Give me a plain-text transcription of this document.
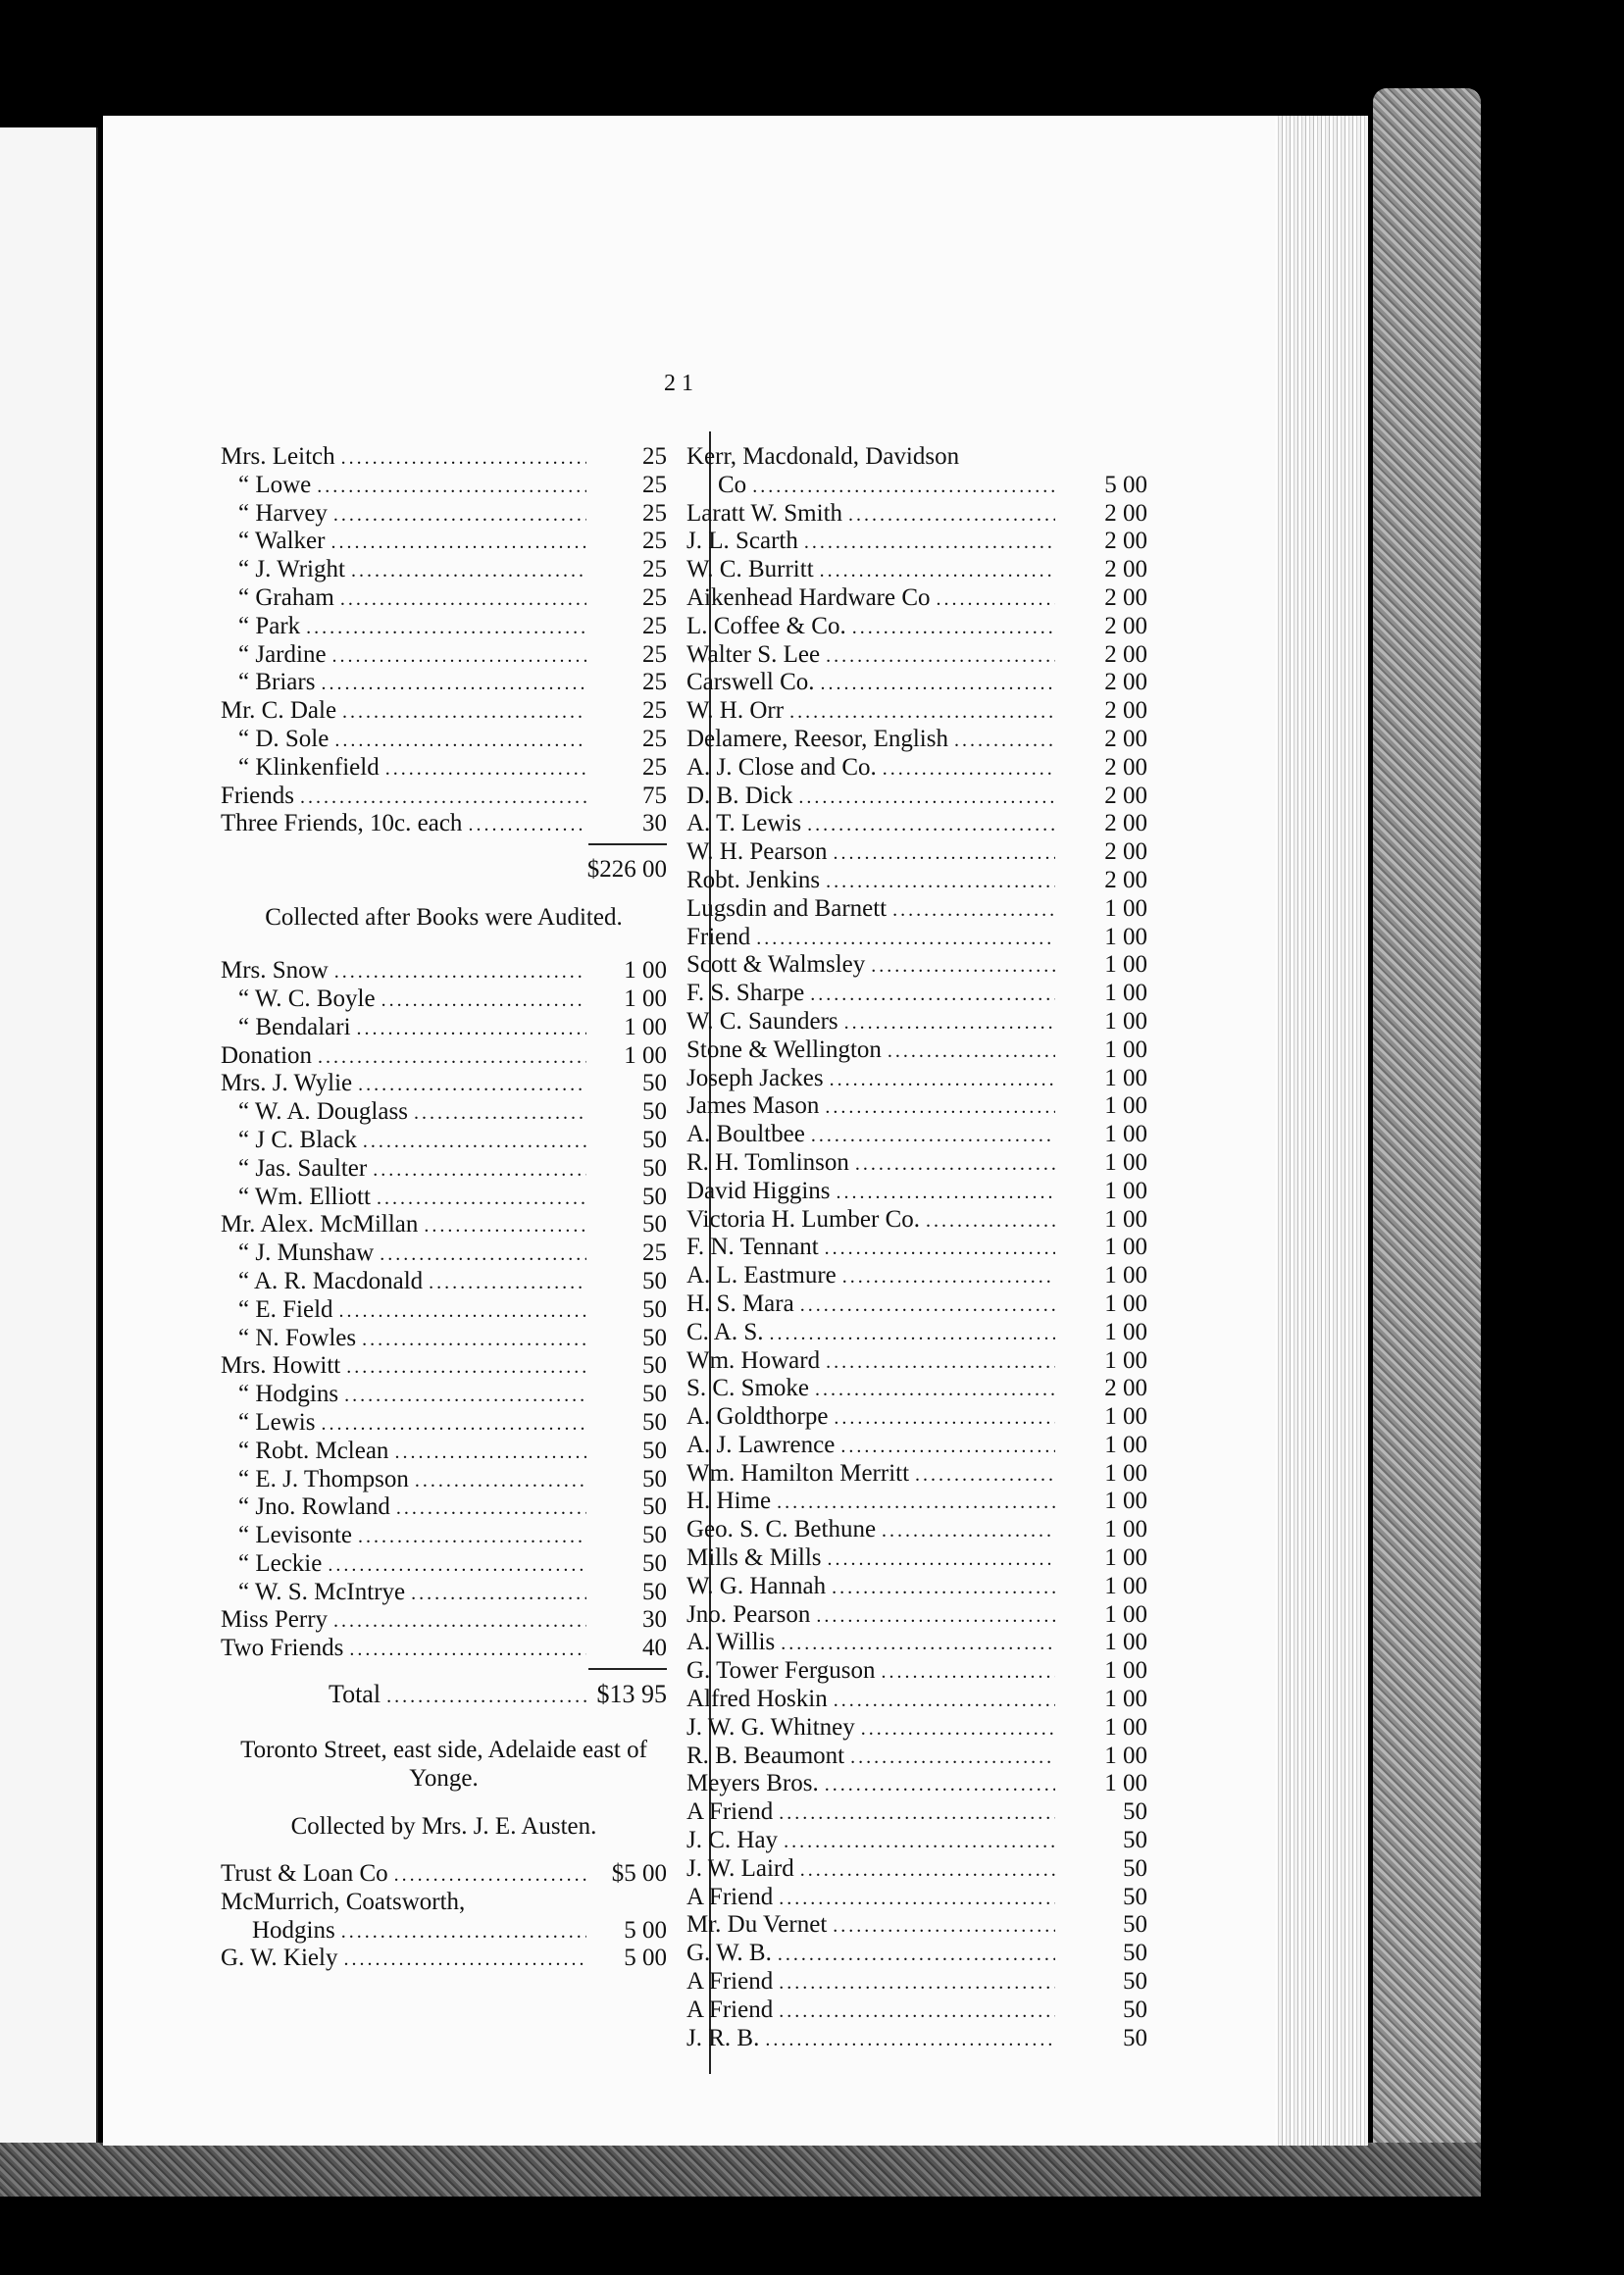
21
Mrs. Leitch . . .	25
“ Lowe . . .	25
“ Harvey . . .	25
“ Walker . . .	25
“ J. Wright . . .	25
“ Graham . . .	25
“ Park . . .	25
“ Jardine . . .	25
“ Briars . . .	25
Mr. C. Dale . . .	25
“ D. Sole . . .	25
“ Klinkenfield . . .	25
Friends . . .	75
Three Friends, 10c. each . . .	30
$226 00
Collected after Books were Audited.
Mrs. Snow . . .	1 00
“ W. C. Boyle . . .	1 00
“ Bendalari . . .	1 00
Donation . . .	1 00
Mrs. J. Wylie . . .	50
“ W. A. Douglass . . .	50
“ J C. Black . . .	50
“ Jas. Saulter . . .	50
“ Wm. Elliott . . .	50
Mr. Alex. McMillan . . .	50
“ J. Munshaw . . .	25
“ A. R. Macdonald . . .	50
“ E. Field . . .	50
“ N. Fowles . . .	50
Mrs. Howitt . . .	50
“ Hodgins . . .	50
“ Lewis . . .	50
“ Robt. Mclean . . .	50
“ E. J. Thompson . . .	50
“ Jno. Rowland . . .	50
“ Levisonte . . .	50
“ Leckie . . .	50
“ W. S. McIntrye . . .	50
Miss Perry . . .	30
Two Friends . . .	40
Total . . .	$13 95
Toronto Street, east side, Adelaide east of Yonge.
Collected by Mrs. J. E. Austen.
Trust & Loan Co . . .	$5 00
McMurrich, Coatsworth,
Hodgins . . .	5 00
G. W. Kiely . . .	5 00
Kerr, Macdonald, Davidson
Co . . .	5 00
Laratt W. Smith . . .	2 00
J. L. Scarth . . .	2 00
W. C. Burritt . . .	2 00
Aikenhead Hardware Co . . .	2 00
L. Coffee & Co. . . .	2 00
Walter S. Lee . . .	2 00
Carswell Co. . . .	2 00
W. H. Orr . . .	2 00
Delamere, Reesor, English . . .	2 00
A. J. Close and Co. . . .	2 00
D. B. Dick . . .	2 00
A. T. Lewis . . .	2 00
W. H. Pearson . . .	2 00
Robt. Jenkins . . .	2 00
Lugsdin and Barnett . . .	1 00
Friend . . .	1 00
Scott & Walmsley . . .	1 00
F. S. Sharpe . . .	1 00
W. C. Saunders . . .	1 00
Stone & Wellington . . .	1 00
Joseph Jackes . . .	1 00
James Mason . . .	1 00
A. Boultbee . . .	1 00
R. H. Tomlinson . . .	1 00
David Higgins . . .	1 00
Victoria H. Lumber Co. . . .	1 00
F. N. Tennant . . .	1 00
A. L. Eastmure . . .	1 00
H. S. Mara . . .	1 00
C. A. S. . . .	1 00
Wm. Howard . . .	1 00
S. C. Smoke . . .	2 00
A. Goldthorpe . . .	1 00
A. J. Lawrence . . .	1 00
Wm. Hamilton Merritt . . .	1 00
H. Hime . . .	1 00
Geo. S. C. Bethune . . .	1 00
Mills & Mills . . .	1 00
W. G. Hannah . . .	1 00
Jno. Pearson . . .	1 00
A. Willis . . .	1 00
G. Tower Ferguson . . .	1 00
Alfred Hoskin . . .	1 00
J. W. G. Whitney . . .	1 00
R. B. Beaumont . . .	1 00
Meyers Bros. . . .	1 00
A Friend . . .	50
J. C. Hay . . .	50
J. W. Laird . . .	50
A Friend . . .	50
Mr. Du Vernet . . .	50
G. W. B. . . .	50
A Friend . . .	50
A Friend . . .	50
J. R. B. . . .	50
